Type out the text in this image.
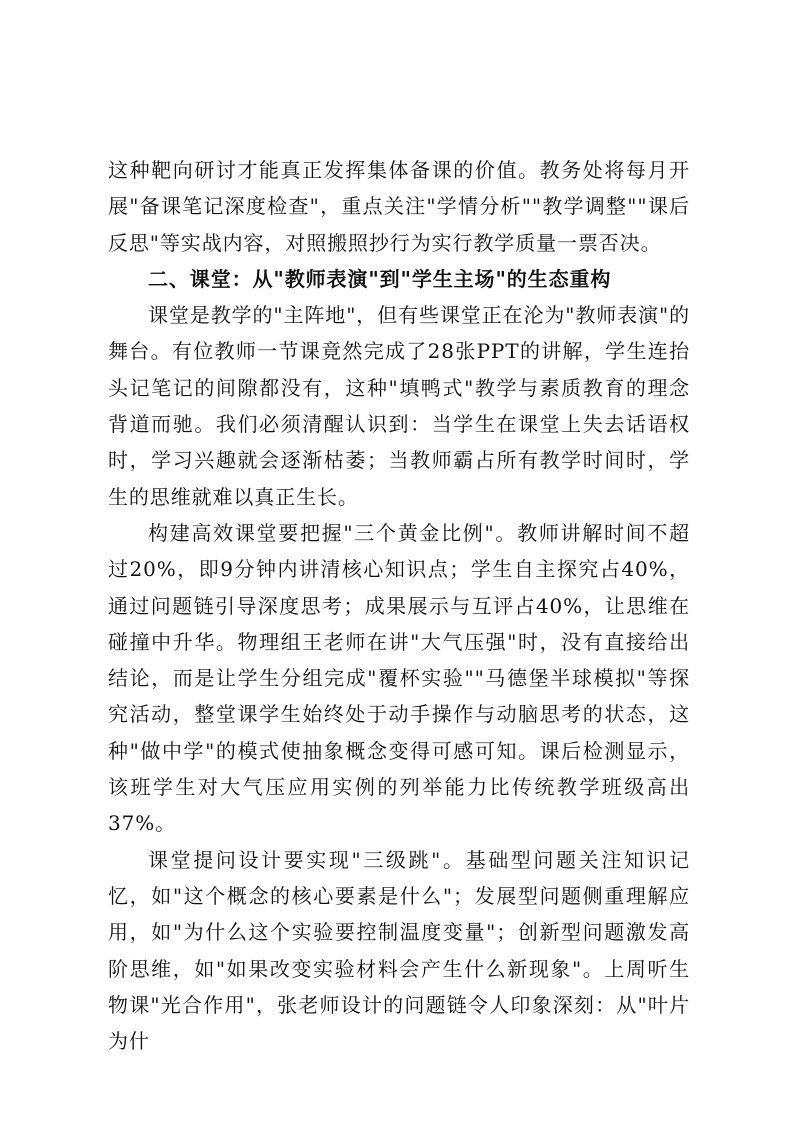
这种靶向研讨才能真正发挥集体备课的价值。教务处将每月开展"备课笔记深度检查"，重点关注"学情分析""教学调整""课后反思"等实战内容，对照搬照抄行为实行教学质量一票否决。

二、课堂：从"教师表演"到"学生主场"的生态重构

课堂是教学的"主阵地"，但有些课堂正在沦为"教师表演"的舞台。有位教师一节课竟然完成了28张PPT的讲解，学生连抬头记笔记的间隙都没有，这种"填鸭式"教学与素质教育的理念背道而驰。我们必须清醒认识到：当学生在课堂上失去话语权时，学习兴趣就会逐渐枯萎；当教师霸占所有教学时间时，学生的思维就难以真正生长。

构建高效课堂要把握"三个黄金比例"。教师讲解时间不超过20%，即9分钟内讲清核心知识点；学生自主探究占40%，通过问题链引导深度思考；成果展示与互评占40%，让思维在碰撞中升华。物理组王老师在讲"大气压强"时，没有直接给出结论，而是让学生分组完成"覆杯实验""马德堡半球模拟"等探究活动，整堂课学生始终处于动手操作与动脑思考的状态，这种"做中学"的模式使抽象概念变得可感可知。课后检测显示，该班学生对大气压应用实例的列举能力比传统教学班级高出37%。

课堂提问设计要实现"三级跳"。基础型问题关注知识记忆，如"这个概念的核心要素是什么"；发展型问题侧重理解应用，如"为什么这个实验要控制温度变量"；创新型问题激发高阶思维，如"如果改变实验材料会产生什么新现象"。上周听生物课"光合作用"，张老师设计的问题链令人印象深刻：从"叶片为什
